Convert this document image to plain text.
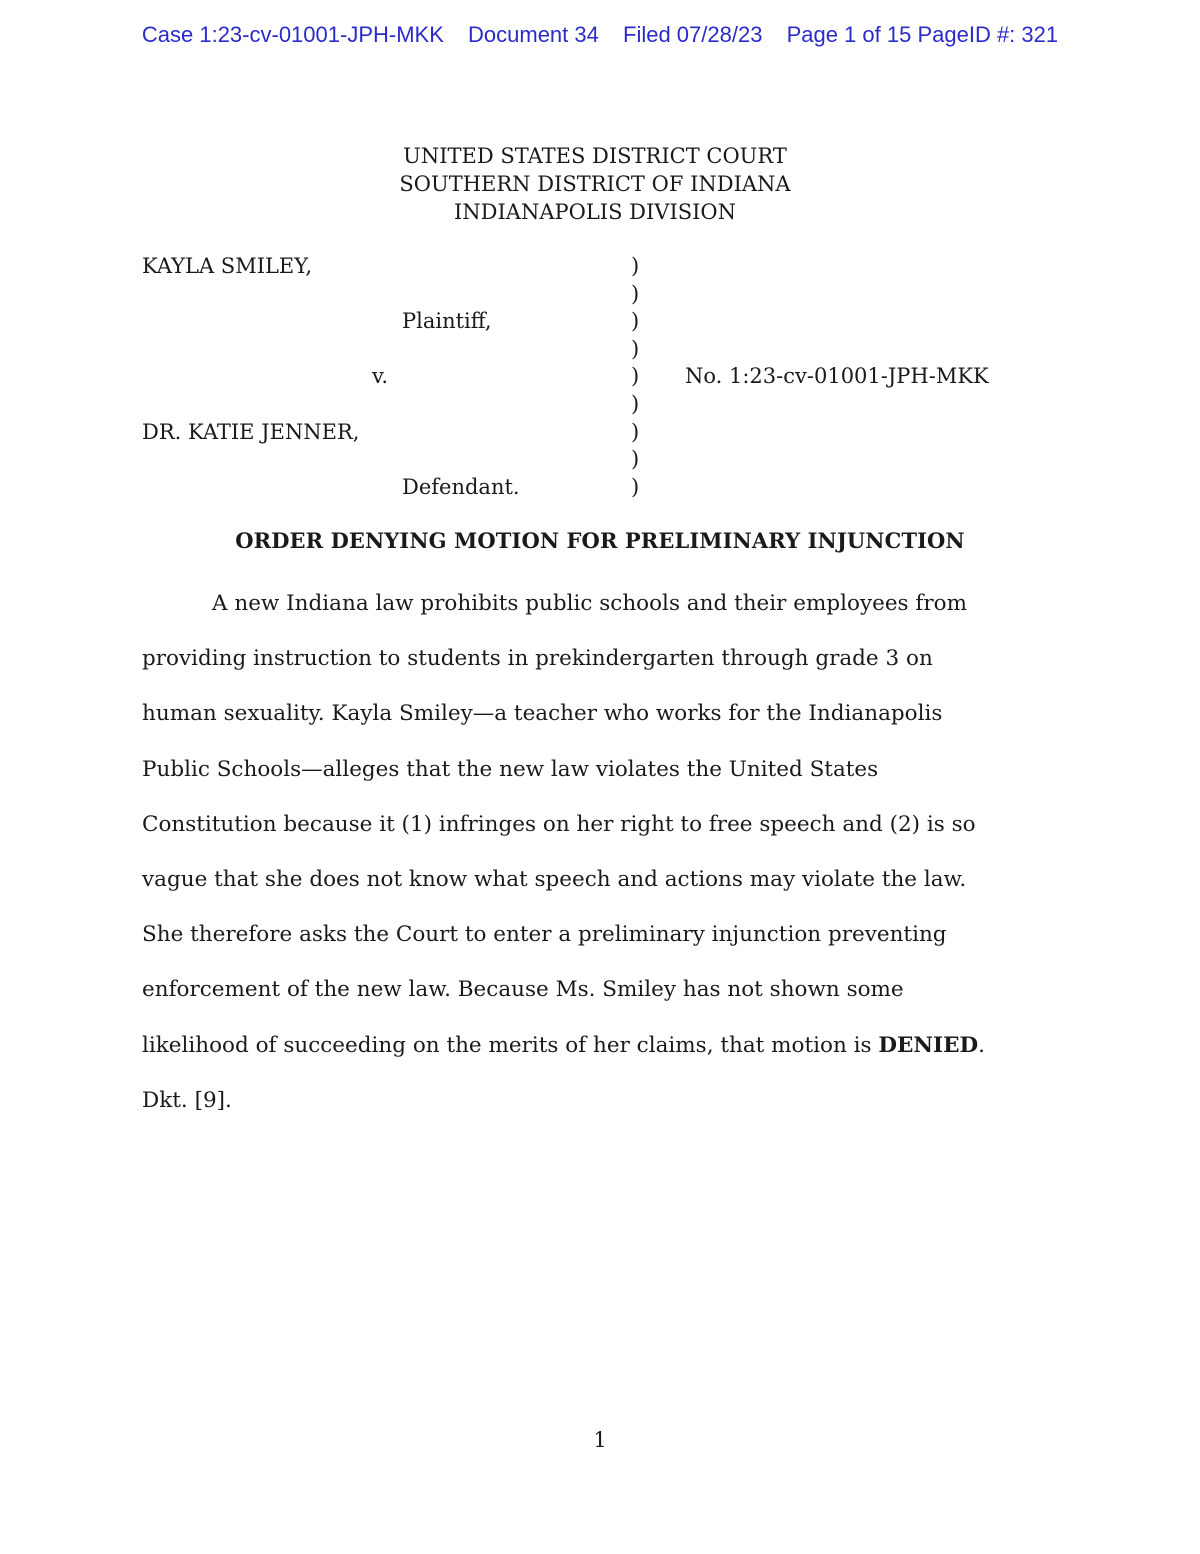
Case 1:23-cv-01001-JPH-MKK Document 34 Filed 07/28/23 Page 1 of 15 PageID #: 321
UNITED STATES DISTRICT COURT
SOUTHERN DISTRICT OF INDIANA
INDIANAPOLIS DIVISION
KAYLA SMILEY,
Plaintiff,
v.	No. 1:23-cv-01001-JPH-MKK
DR. KATIE JENNER,
Defendant.
)
)
)
)
)
)
)
)
)
ORDER DENYING MOTION FOR PRELIMINARY INJUNCTION
A new Indiana law prohibits public schools and their employees from
providing instruction to students in prekindergarten through grade 3 on
human sexuality. Kayla Smiley—a teacher who works for the Indianapolis
Public Schools—alleges that the new law violates the United States
Constitution because it (1) infringes on her right to free speech and (2) is so
vague that she does not know what speech and actions may violate the law.
She therefore asks the Court to enter a preliminary injunction preventing
enforcement of the new law. Because Ms. Smiley has not shown some
likelihood of succeeding on the merits of her claims, that motion is DENIED.
Dkt. [9].
1
